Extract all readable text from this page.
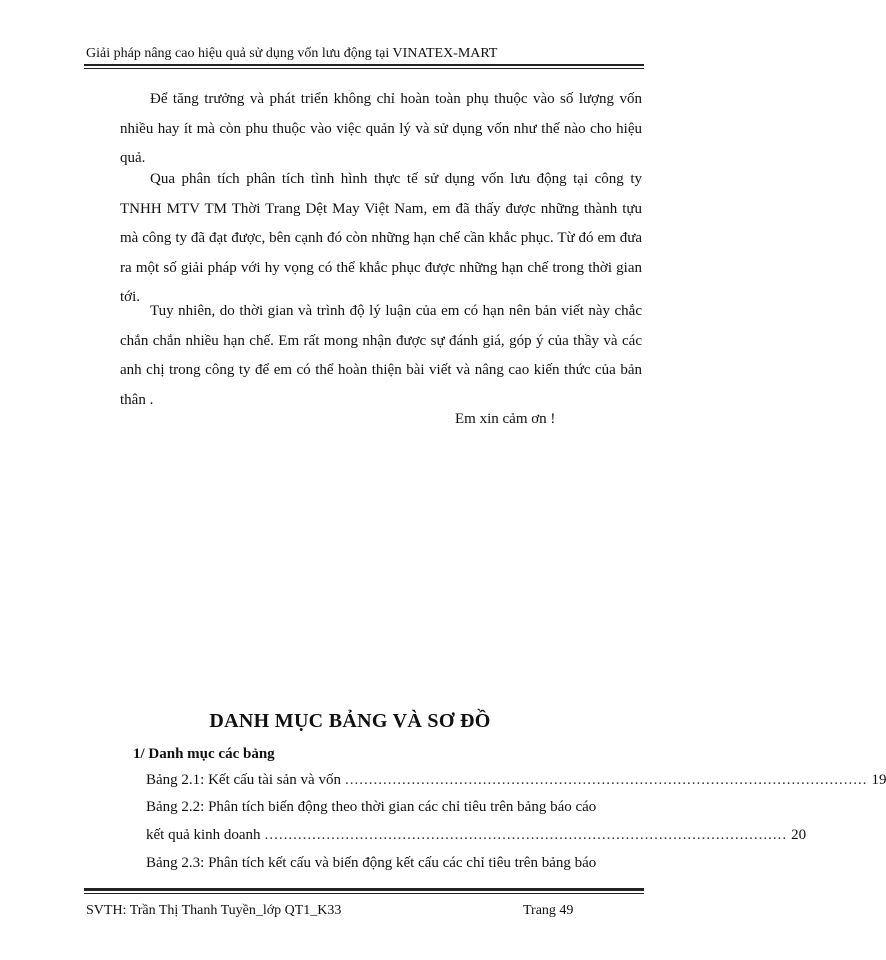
Giải pháp nâng cao hiệu quả sử dụng vốn lưu động tại VINATEX-MART

Để tăng trưởng và phát triển không chỉ hoàn toàn phụ thuộc vào số lượng vốn nhiều hay ít mà còn phu thuộc vào việc quản lý và sử dụng vốn như thế nào cho hiệu quả.

Qua phân tích phân tích tình hình thực tế sử dụng vốn lưu động tại công ty TNHH MTV TM Thời Trang Dệt May Việt Nam, em đã thấy được những thành tựu mà công ty đã đạt được, bên cạnh đó còn những hạn chế cần khắc phục. Từ đó em đưa ra một số giải pháp với hy vọng có thể khắc phục được những hạn chế trong thời gian tới.

Tuy nhiên, do thời gian và trình độ lý luận của em có hạn nên bản viết này chắc chắn chắn nhiều hạn chế. Em rất mong nhận được sự đánh giá, góp ý của thầy và các anh chị trong công ty để em có thể hoàn thiện bài viết và nâng cao kiến thức của bản thân .

Em xin cảm ơn !
DANH MỤC BẢNG VÀ SƠ ĐỒ
1/ Danh mục các bảng
Bảng 2.1: Kết cấu tài sản và vốn .............................................................................................................. 19
Bảng 2.2: Phân tích biến động theo thời gian các chỉ tiêu trên bảng báo cáo
kết quả kinh doanh .............................................................................................................. 20
Bảng 2.3: Phân tích kết cấu và biến động kết cấu các chỉ tiêu trên bảng báo
SVTH: Trần Thị Thanh Tuyền_lớp QT1_K33	Trang 49
